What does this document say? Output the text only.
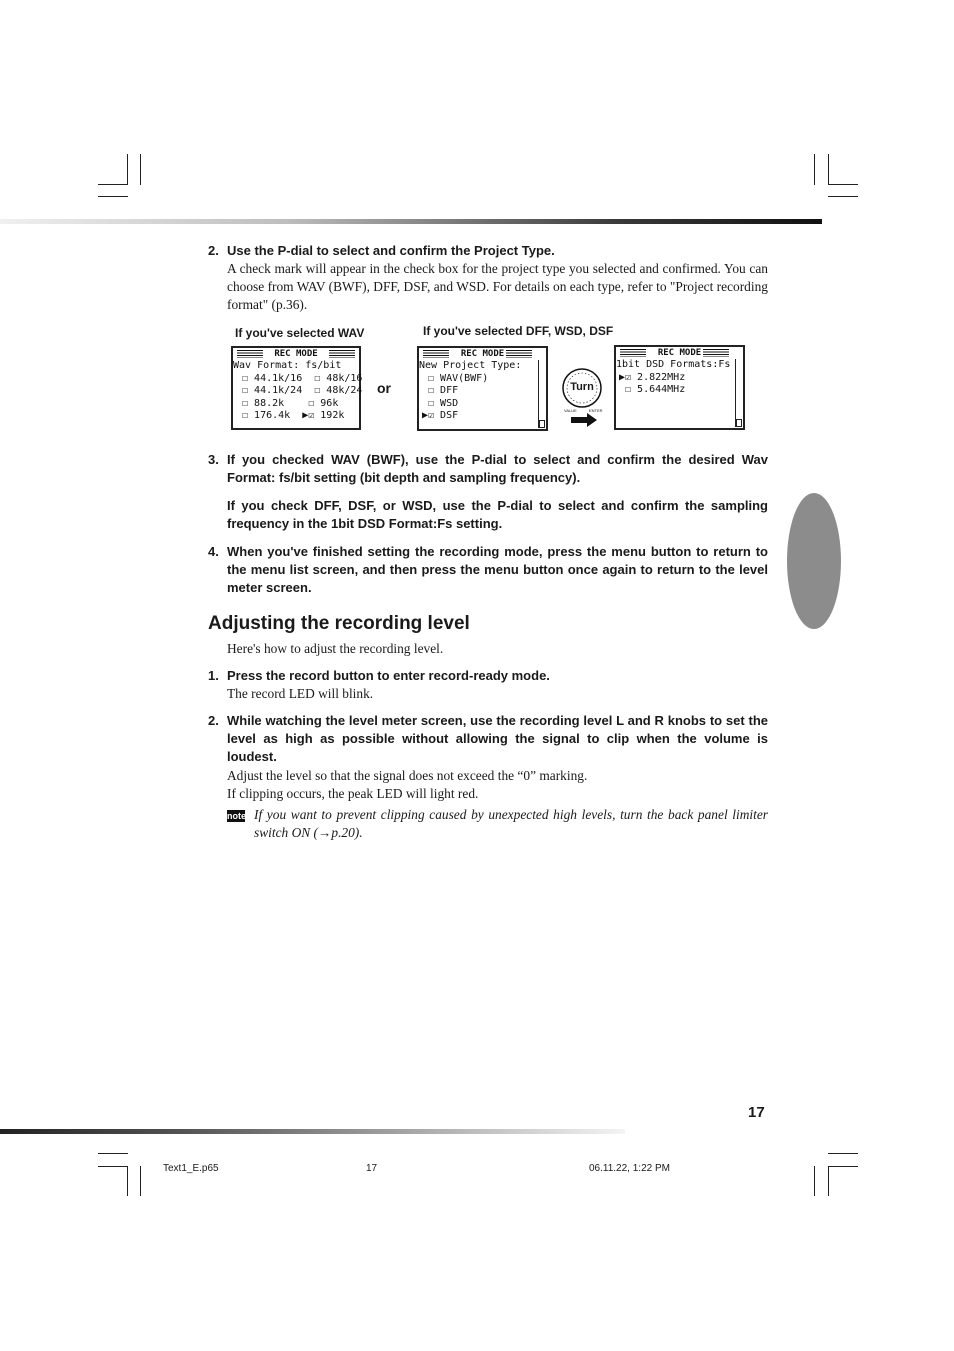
2. Use the P-dial to select and confirm the Project Type.
A check mark will appear in the check box for the project type you selected and confirmed. You can choose from WAV (BWF), DFF, DSF, and WSD. For details on each type, refer to "Project recording format" (p.36).
If you've selected WAV	If you've selected DFF, WSD, DSF
REC MODE
Wav Format: fs/bit
☐ 44.1k/16  ☐ 48k/16
☐ 44.1k/24  ☐ 48k/24
☐ 88.2k    ☐ 96k
☐ 176.4k  ▶☑ 192k
or
REC MODE
New Project Type:
☐ WAV(BWF)
☐ DFF
☐ WSD
▶☑ DSF
Turn
VALUE	ENTER
REC MODE
1bit DSD Formats:Fs
▶☑ 2.822MHz
☐ 5.644MHz
3. If you checked WAV (BWF), use the P-dial to select and confirm the desired Wav Format: fs/bit setting (bit depth and sampling frequency).
If you check DFF, DSF, or WSD, use the P-dial to select and confirm the sampling frequency in the 1bit DSD Format:Fs setting.
4. When you've finished setting the recording mode, press the menu button to return to the menu list screen, and then press the menu button once again to return to the level meter screen.
Adjusting the recording level
Here's how to adjust the recording level.
1. Press the record button to enter record-ready mode.
The record LED will blink.
2. While watching the level meter screen, use the recording level L and R knobs to set the level as high as possible without allowing the signal to clip when the volume is loudest.
Adjust the level so that the signal does not exceed the “0” marking.
If clipping occurs, the peak LED will light red.
note If you want to prevent clipping caused by unexpected high levels, turn the back panel limiter switch ON (→p.20).
17
Text1_E.p65	17	06.11.22, 1:22 PM
